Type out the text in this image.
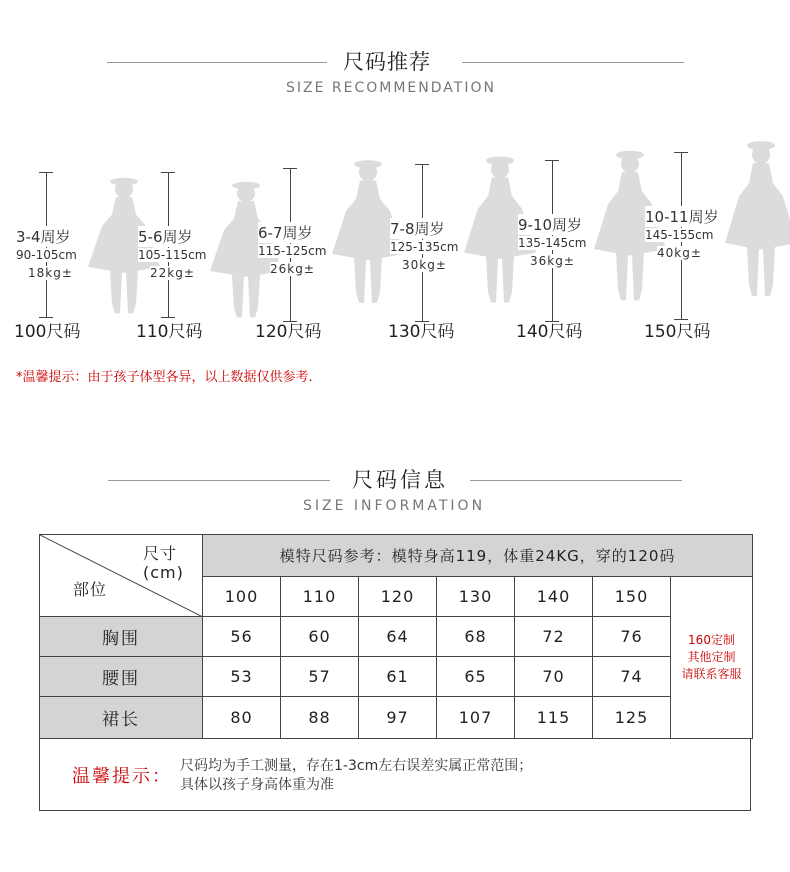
尺码推荐
SIZE RECOMMENDATION
3-4周岁
90-105cm
18kg±
100尺码
5-6周岁
105-115cm
22kg±
110尺码
6-7周岁
115-125cm
26kg±
120尺码
7-8周岁
125-135cm
30kg±
130尺码
9-10周岁
135-145cm
36kg±
140尺码
10-11周岁
145-155cm
40kg±
150尺码
*温馨提示：由于孩子体型各异，以上数据仅供参考.
尺码信息
SIZE INFORMATION
尺寸
(cm)
部位	模特尺码参考：模特身高119，体重24KG，穿的120码						
	100	110	120	130	140	150	160定制
其他定制
请联系客服

胸围	56	60	64	68	72	76	
腰围	53	57	61	65	70	74	
裙长	80	88	97	107	115	125	
温馨提示： 尺码均为手工测量，存在1-3cm左右误差实属正常范围；
具体以孩子身高体重为准
